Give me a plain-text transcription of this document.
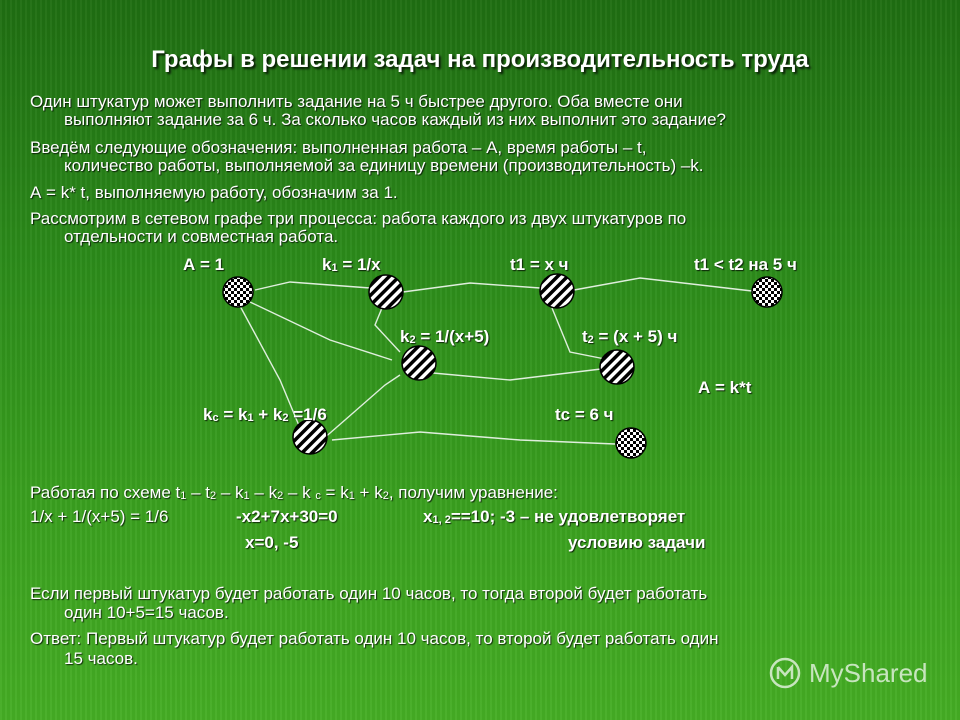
Графы в решении задач на производительность труда
Один штукатур может выполнить задание на 5 ч быстрее другого. Оба вместе они
выполняют задание за 6 ч. За сколько часов каждый из них выполнит это задание?
Введём следующие обозначения: выполненная работа – А, время работы – t,
количество работы, выполняемой за единицу времени (производительность) –k.
А = k* t, выполняемую работу, обозначим за 1.
Рассмотрим в сетевом графе три процесса: работа каждого из двух штукатуров по
отдельности и совместная работа.
А = 1	$k_1 = 1/х$	t1 = х ч	t1 < t2 на 5 ч
$k_2 = 1/(х+5)$	$t_2 = (х + 5)$ ч
А = k*t
$k_c = k_1 + k_2 =1/6$	tc = 6 ч
Работая по схеме $t_1 - t_2 - k_1 - k_2$ – k $_c = k_1 + k_2$, получим уравнение:
1/х + 1/(х+5) = 1/6	-х2+7х+30=0	$х_{1, 2}==10$; -3 – не удовлетворяет
х=0, -5	условию задачи
Если первый штукатур будет работать один 10 часов, то тогда второй будет работать
один 10+5=15 часов.
Ответ: Первый штукатур будет работать один 10 часов, то второй будет работать один
15 часов.	MyShared
